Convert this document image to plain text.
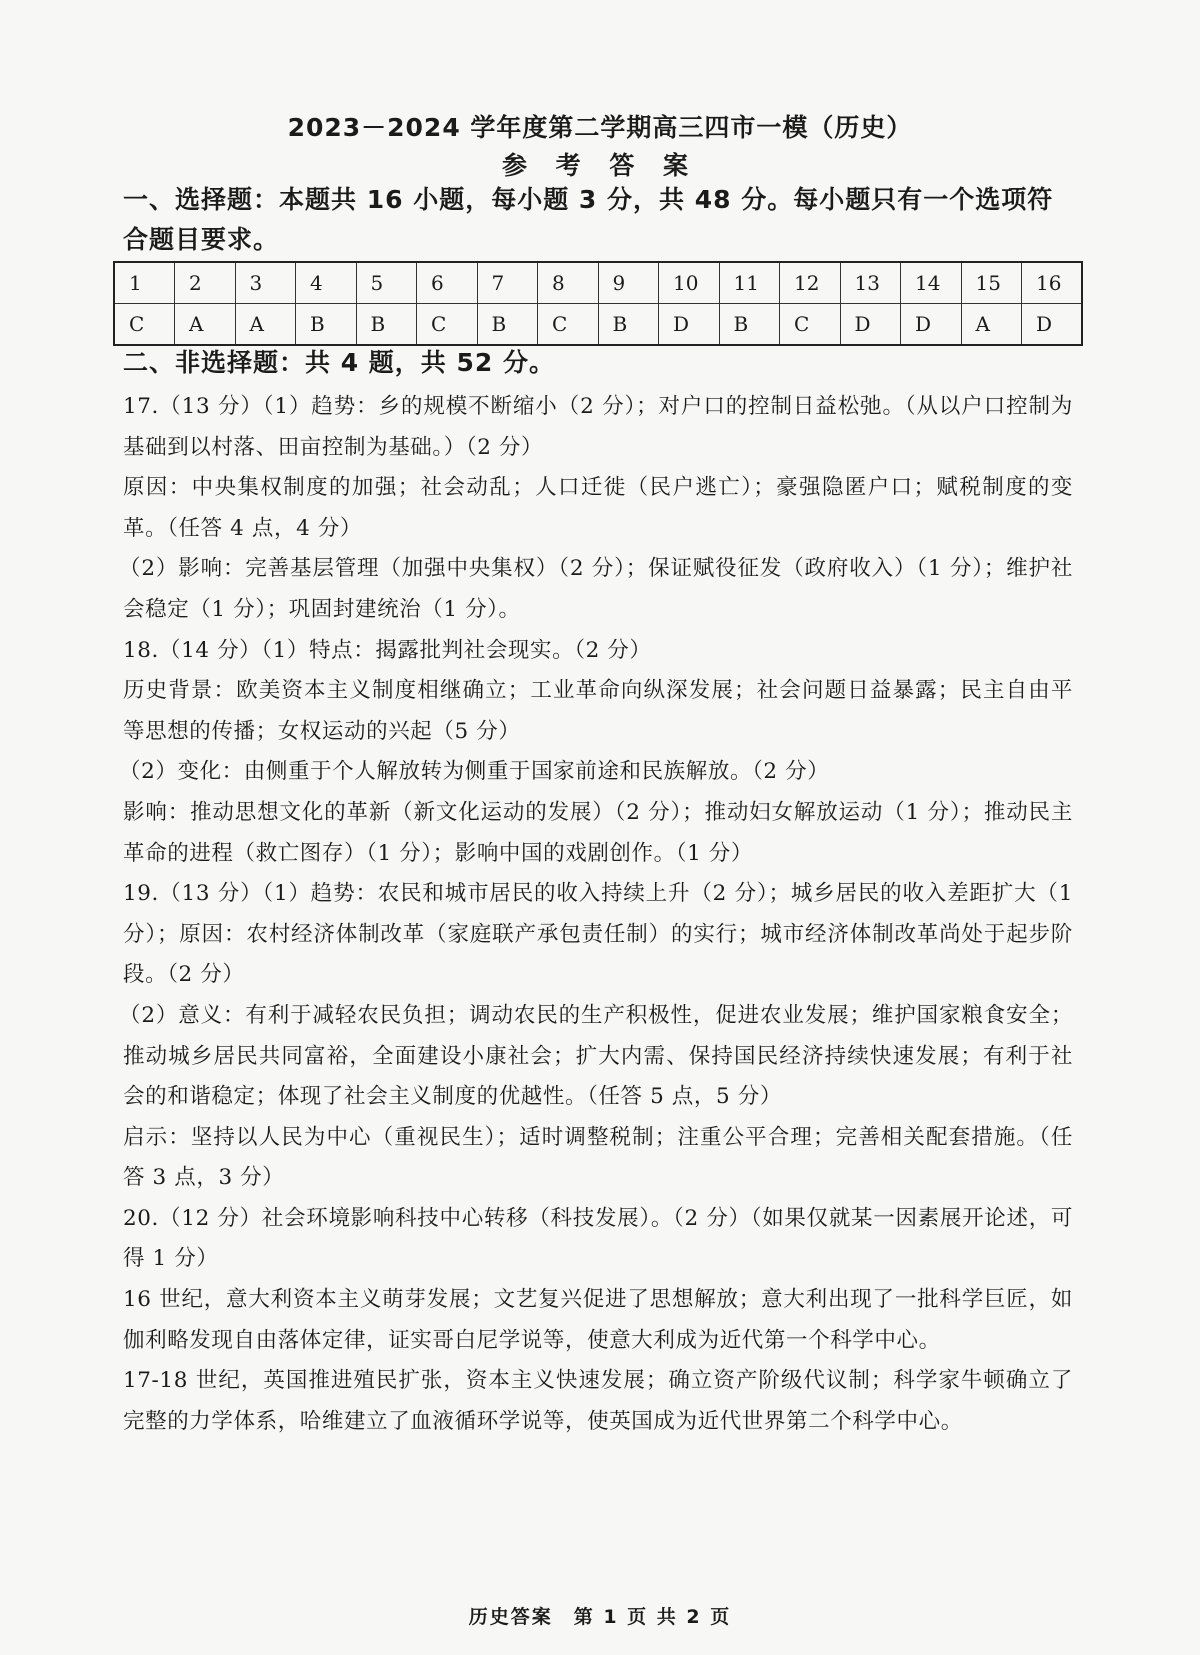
2023－2024 学年度第二学期高三四市一模（历史）
参 考 答 案
一、选择题：本题共 16 小题，每小题 3 分，共 48 分。每小题只有一个选项符合题目要求。
1	2	3	4	5	6	7	8	9	10	11	12	13	14	15	16
C	A	A	B	B	C	B	C	B	D	B	C	D	D	A	D
二、非选择题：共 4 题，共 52 分。

17.（13 分）（1）趋势：乡的规模不断缩小（2 分）；对户口的控制日益松弛。（从以户口控制为基础到以村落、田亩控制为基础。）（2 分）

原因：中央集权制度的加强；社会动乱；人口迁徙（民户逃亡）；豪强隐匿户口；赋税制度的变革。（任答 4 点，4 分）

（2）影响：完善基层管理（加强中央集权）（2 分）；保证赋役征发（政府收入）（1 分）；维护社会稳定（1 分）；巩固封建统治（1 分）。

18.（14 分）（1）特点：揭露批判社会现实。（2 分）

历史背景：欧美资本主义制度相继确立；工业革命向纵深发展；社会问题日益暴露；民主自由平等思想的传播；女权运动的兴起（5 分）

（2）变化：由侧重于个人解放转为侧重于国家前途和民族解放。（2 分）

影响：推动思想文化的革新（新文化运动的发展）（2 分）；推动妇女解放运动（1 分）；推动民主革命的进程（救亡图存）（1 分）；影响中国的戏剧创作。（1 分）

19.（13 分）（1）趋势：农民和城市居民的收入持续上升（2 分）；城乡居民的收入差距扩大（1 分）；原因：农村经济体制改革（家庭联产承包责任制）的实行；城市经济体制改革尚处于起步阶段。（2 分）

（2）意义：有利于减轻农民负担；调动农民的生产积极性，促进农业发展；维护国家粮食安全；推动城乡居民共同富裕，全面建设小康社会；扩大内需、保持国民经济持续快速发展；有利于社会的和谐稳定；体现了社会主义制度的优越性。（任答 5 点，5 分）

启示：坚持以人民为中心（重视民生）；适时调整税制；注重公平合理；完善相关配套措施。（任答 3 点，3 分）

20.（12 分）社会环境影响科技中心转移（科技发展）。（2 分）（如果仅就某一因素展开论述，可得 1 分）

16 世纪，意大利资本主义萌芽发展；文艺复兴促进了思想解放；意大利出现了一批科学巨匠，如伽利略发现自由落体定律，证实哥白尼学说等，使意大利成为近代第一个科学中心。

17-18 世纪，英国推进殖民扩张，资本主义快速发展；确立资产阶级代议制；科学家牛顿确立了完整的力学体系，哈维建立了血液循环学说等，使英国成为近代世界第二个科学中心。

历史答案　第 1 页 共 2 页
